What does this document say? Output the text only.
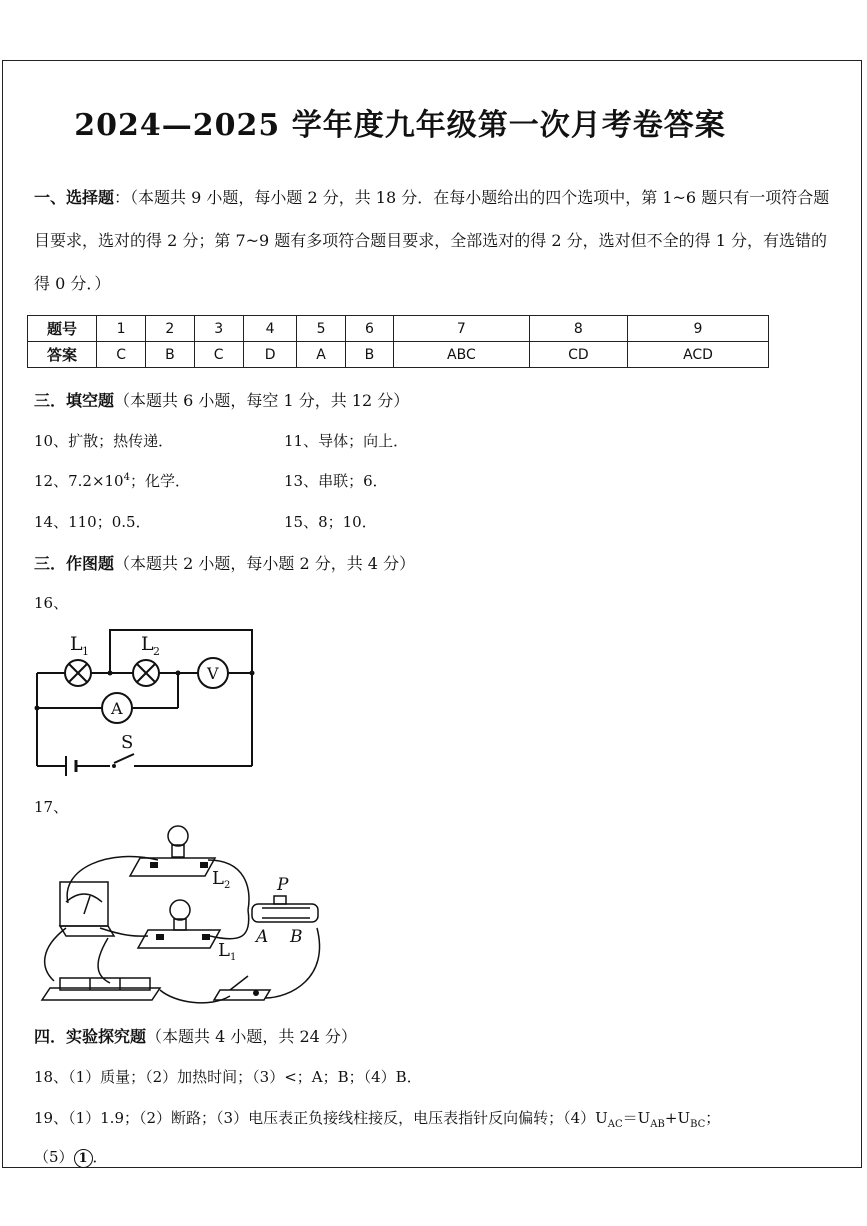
2024—2025 学年度九年级第一次月考卷答案

一、选择题：（本题共 9 小题，每小题 2 分，共 18 分．在每小题给出的四个选项中，第 1~6 题只有一项符合题目要求，选对的得 2 分；第 7~9 题有多项符合题目要求，全部选对的得 2 分，选对但不全的得 1 分，有选错的得 0 分．）

题号	1	2	3	4	5	6	7	8	9
答案	C	B	C	D	A	B	ABC	CD	ACD
三．填空题（本题共 6 小题，每空 1 分，共 12 分）
10、扩散；热传递．	11、导体；向上．
12、$7.2\times 10^4$；化学．	13、串联；6．
14、110；0.5．	15、8；10．
三．作图题（本题共 2 小题，每小题 2 分，共 4 分）
16、
L 1	L 2
V
A
S
17、
L 2
L 1
P
A B
四．实验探究题（本题共 4 小题，共 24 分）
18、（1）质量；（2）加热时间；（3）<；A；B；（4）B．
19、（1）1.9；（2）断路；（3）电压表正负接线柱接反，电压表指针反向偏转；$(4)U_{AC}=U_{AB}+U_{BC}$；
（5） 1 ．
